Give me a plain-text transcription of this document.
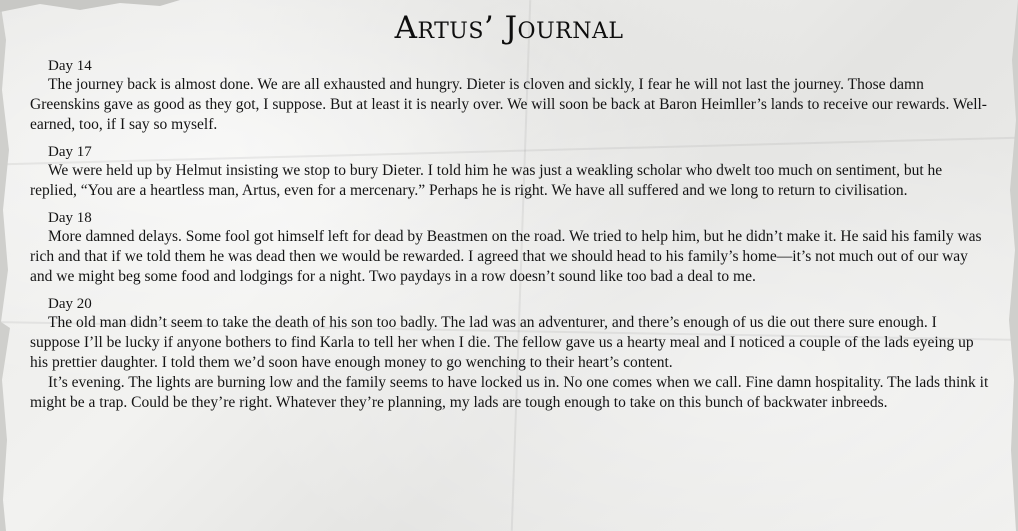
Artus’ Journal

Day 14

The journey back is almost done. We are all exhausted and hungry. Dieter is cloven and sickly, I fear he will not last the journey. Those damn Greenskins gave as good as they got, I suppose. But at least it is nearly over. We will soon be back at Baron Heimller’s lands to receive our rewards. Well-earned, too, if I say so myself.

Day 17

We were held up by Helmut insisting we stop to bury Dieter. I told him he was just a weakling scholar who dwelt too much on sentiment, but he replied, “You are a heartless man, Artus, even for a mercenary.” Perhaps he is right. We have all suffered and we long to return to civilisation.

Day 18

More damned delays. Some fool got himself left for dead by Beastmen on the road. We tried to help him, but he didn’t make it. He said his family was rich and that if we told them he was dead then we would be rewarded. I agreed that we should head to his family’s home—it’s not much out of our way and we might beg some food and lodgings for a night. Two paydays in a row doesn’t sound like too bad a deal to me.

Day 20

The old man didn’t seem to take the death of his son too badly. The lad was an adventurer, and there’s enough of us die out there sure enough. I suppose I’ll be lucky if anyone bothers to find Karla to tell her when I die. The fellow gave us a hearty meal and I noticed a couple of the lads eyeing up his prettier daughter. I told them we’d soon have enough money to go wenching to their heart’s content.

It’s evening. The lights are burning low and the family seems to have locked us in. No one comes when we call. Fine damn hospitality. The lads think it might be a trap. Could be they’re right. Whatever they’re planning, my lads are tough enough to take on this bunch of backwater inbreeds.
